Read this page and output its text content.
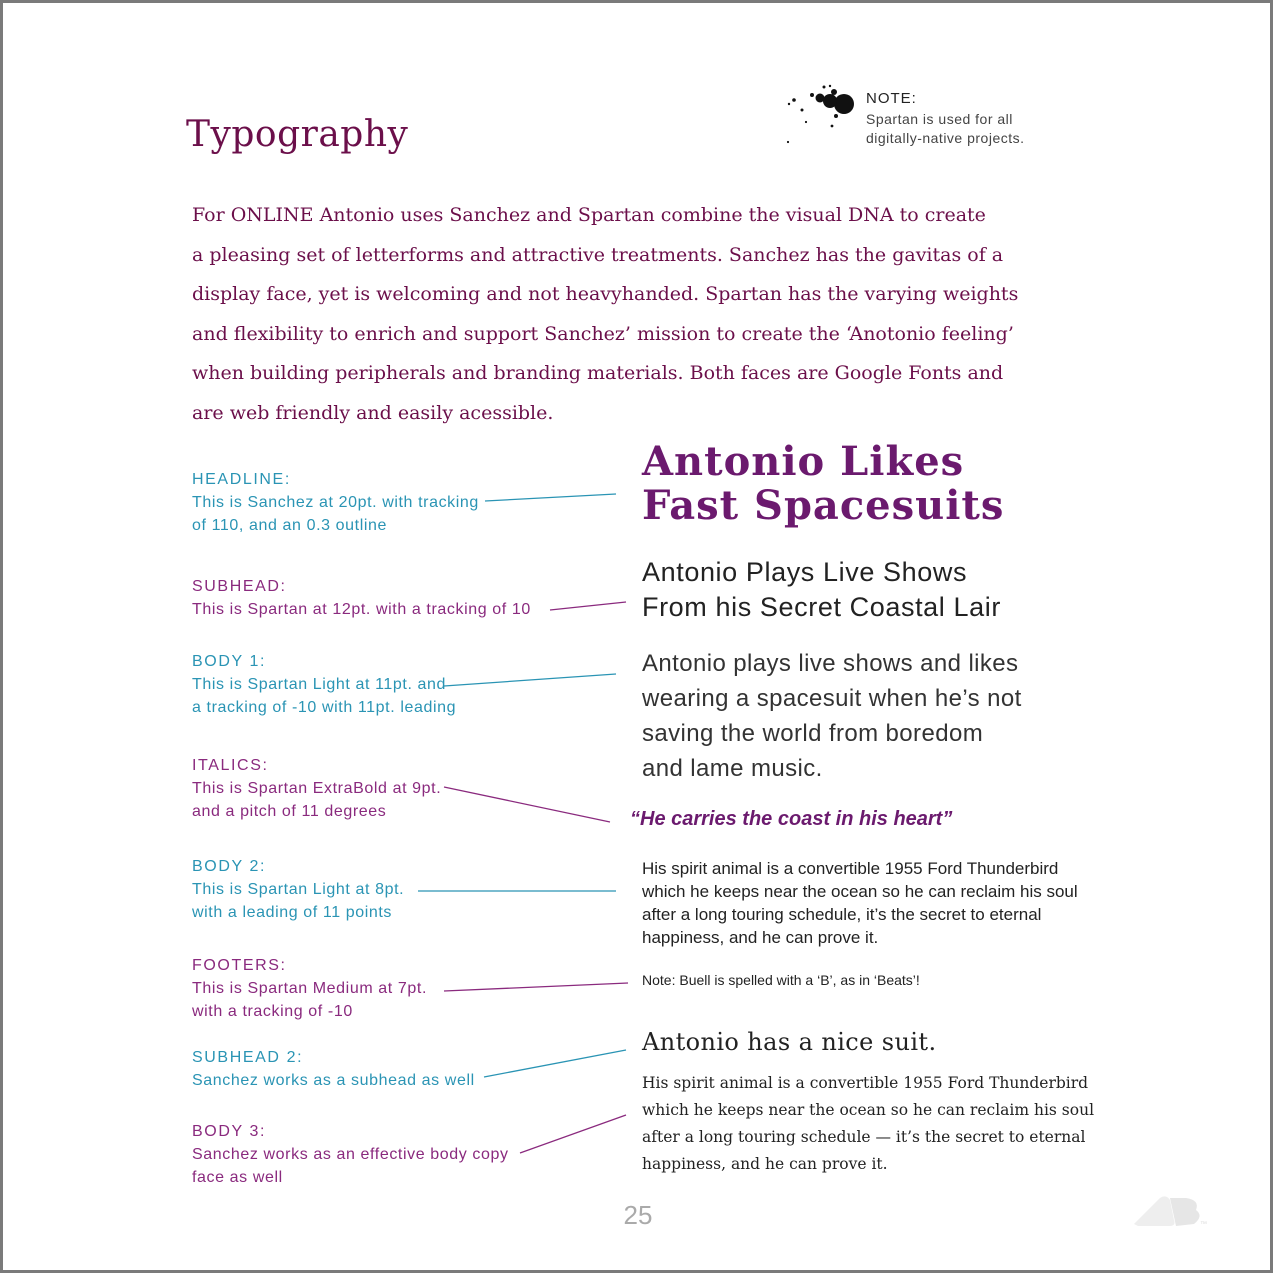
Typography
NOTE:
Spartan is used for all
digitally-native projects.
For ONLINE Antonio uses Sanchez and Spartan combine the visual DNA to create
a pleasing set of letterforms and attractive treatments. Sanchez has the gavitas of a
display face, yet is welcoming and not heavyhanded. Spartan has the varying weights
and flexibility to enrich and support Sanchez’ mission to create the ‘Anotonio feeling’
when building peripherals and branding materials. Both faces are Google Fonts and
are web friendly and easily acessible.
HEADLINE:
This is Sanchez at 20pt. with tracking
of 110, and an 0.3 outline
SUBHEAD:
This is Spartan at 12pt. with a tracking of 10
BODY 1:
This is Spartan Light at 11pt. and
a tracking of -10 with 11pt. leading
ITALICS:
This is Spartan ExtraBold at 9pt.
and a pitch of 11 degrees
BODY 2:
This is Spartan Light at 8pt.
with a leading of 11 points
FOOTERS:
This is Spartan Medium at 7pt.
with a tracking of -10
SUBHEAD 2:
Sanchez works as a subhead as well
BODY 3:
Sanchez works as an effective body copy
face as well
Antonio Likes
Fast Spacesuits
Antonio Plays Live Shows
From his Secret Coastal Lair
Antonio plays live shows and likes
wearing a spacesuit when he’s not
saving the world from boredom
and lame music.
“He carries the coast in his heart”
His spirit animal is a convertible 1955 Ford Thunderbird
which he keeps near the ocean so he can reclaim his soul
after a long touring schedule, it’s the secret to eternal
happiness, and he can prove it.
Note: Buell is spelled with a ‘B’, as in ‘Beats’!
Antonio has a nice suit.
His spirit animal is a convertible 1955 Ford Thunderbird
which he keeps near the ocean so he can reclaim his soul
after a long touring schedule — it’s the secret to eternal
happiness, and he can prove it.
25	™
